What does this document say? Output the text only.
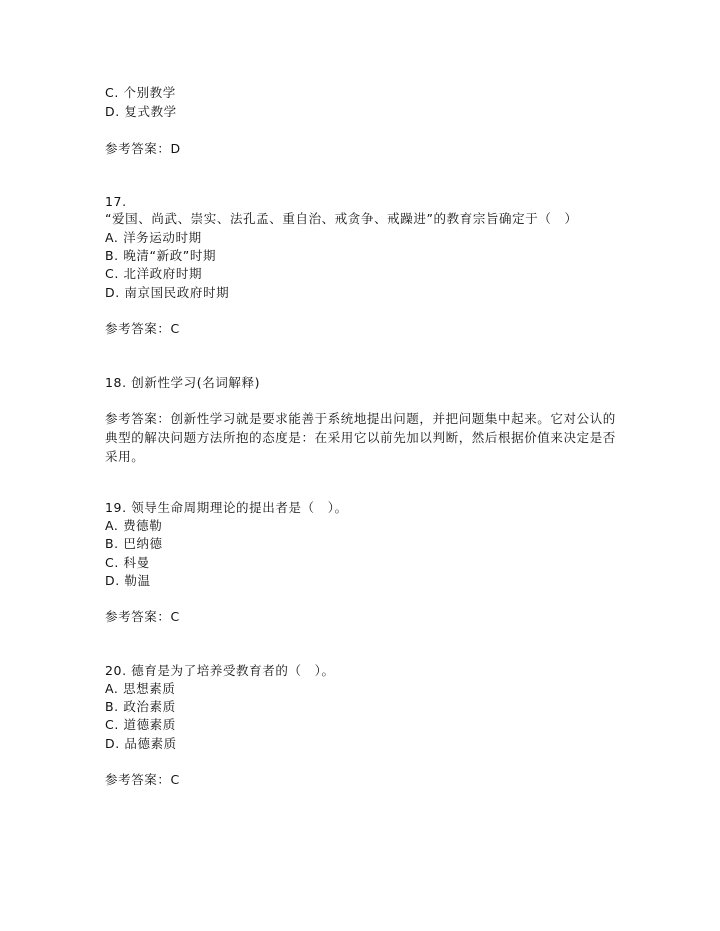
C. 个别教学
D. 复式教学
参考答案：D
17.
“爱国、尚武、崇实、法孔孟、重自治、戒贪争、戒躁进”的教育宗旨确定于（　）
A. 洋务运动时期
B. 晚清“新政”时期
C. 北洋政府时期
D. 南京国民政府时期
参考答案：C
18. 创新性学习(名词解释)
参考答案：创新性学习就是要求能善于系统地提出问题，并把问题集中起来。它对公认的典型的解决问题方法所抱的态度是：在采用它以前先加以判断，然后根据价值来决定是否采用。
19. 领导生命周期理论的提出者是（　）。
A. 费德勒
B. 巴纳德
C. 科曼
D. 勒温
参考答案：C
20. 德育是为了培养受教育者的（　）。
A. 思想素质
B. 政治素质
C. 道德素质
D. 品德素质
参考答案：C
